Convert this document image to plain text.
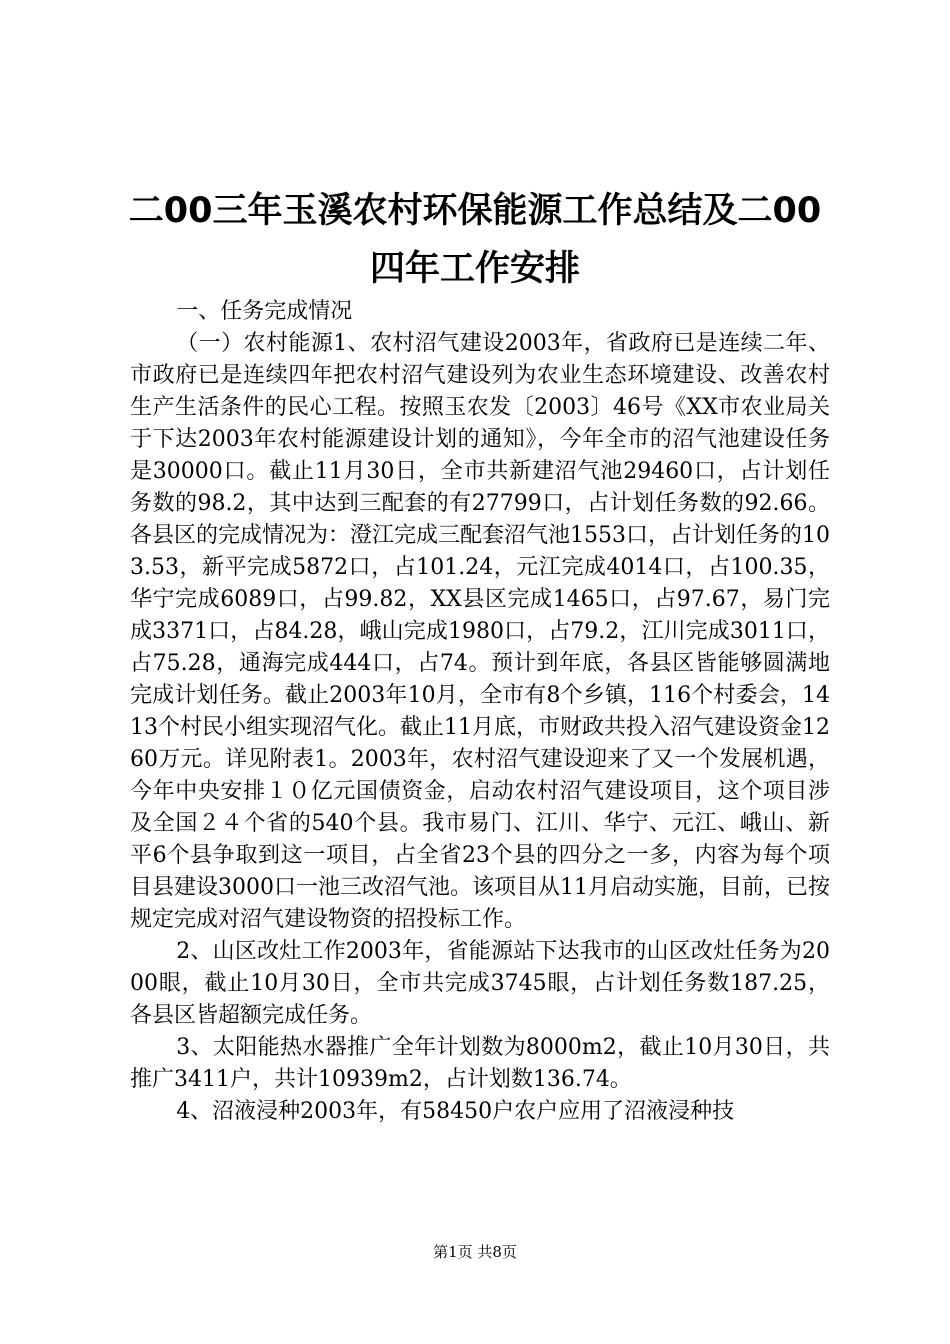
二00三年玉溪农村环保能源工作总结及二00
四年工作安排

一、任务完成情况

（一）农村能源1、农村沼气建设2003年，省政府已是连续二年、市政府已是连续四年把农村沼气建设列为农业生态环境建设、改善农村生产生活条件的民心工程。按照玉农发〔2003〕46号《XX市农业局关于下达2003年农村能源建设计划的通知》，今年全市的沼气池建设任务是30000口。截止11月30日，全市共新建沼气池29460口，占计划任务数的98.2，其中达到三配套的有27799口，占计划任务数的92.66。各县区的完成情况为：澄江完成三配套沼气池1553口，占计划任务的103.53，新平完成5872口，占101.24，元江完成4014口，占100.35，华宁完成6089口，占99.82，XX县区完成1465口，占97.67，易门完成3371口，占84.28，峨山完成1980口，占79.2，江川完成3011口，占75.28，通海完成444口，占74。预计到年底，各县区皆能够圆满地完成计划任务。截止2003年10月，全市有8个乡镇，116个村委会，1413个村民小组实现沼气化。截止11月底，市财政共投入沼气建设资金1260万元。详见附表1。2003年，农村沼气建设迎来了又一个发展机遇，今年中央安排１０亿元国债资金，启动农村沼气建设项目，这个项目涉及全国２４个省的540个县。我市易门、江川、华宁、元江、峨山、新平6个县争取到这一项目，占全省23个县的四分之一多，内容为每个项目县建设3000口一池三改沼气池。该项目从11月启动实施，目前，已按规定完成对沼气建设物资的招投标工作。

2、山区改灶工作2003年，省能源站下达我市的山区改灶任务为2000眼，截止10月30日，全市共完成3745眼，占计划任务数187.25，各县区皆超额完成任务。

3、太阳能热水器推广全年计划数为8000m2，截止10月30日，共推广3411户，共计10939m2，占计划数136.74。

4、沼液浸种2003年，有58450户农户应用了沼液浸种技

第1页 共8页
